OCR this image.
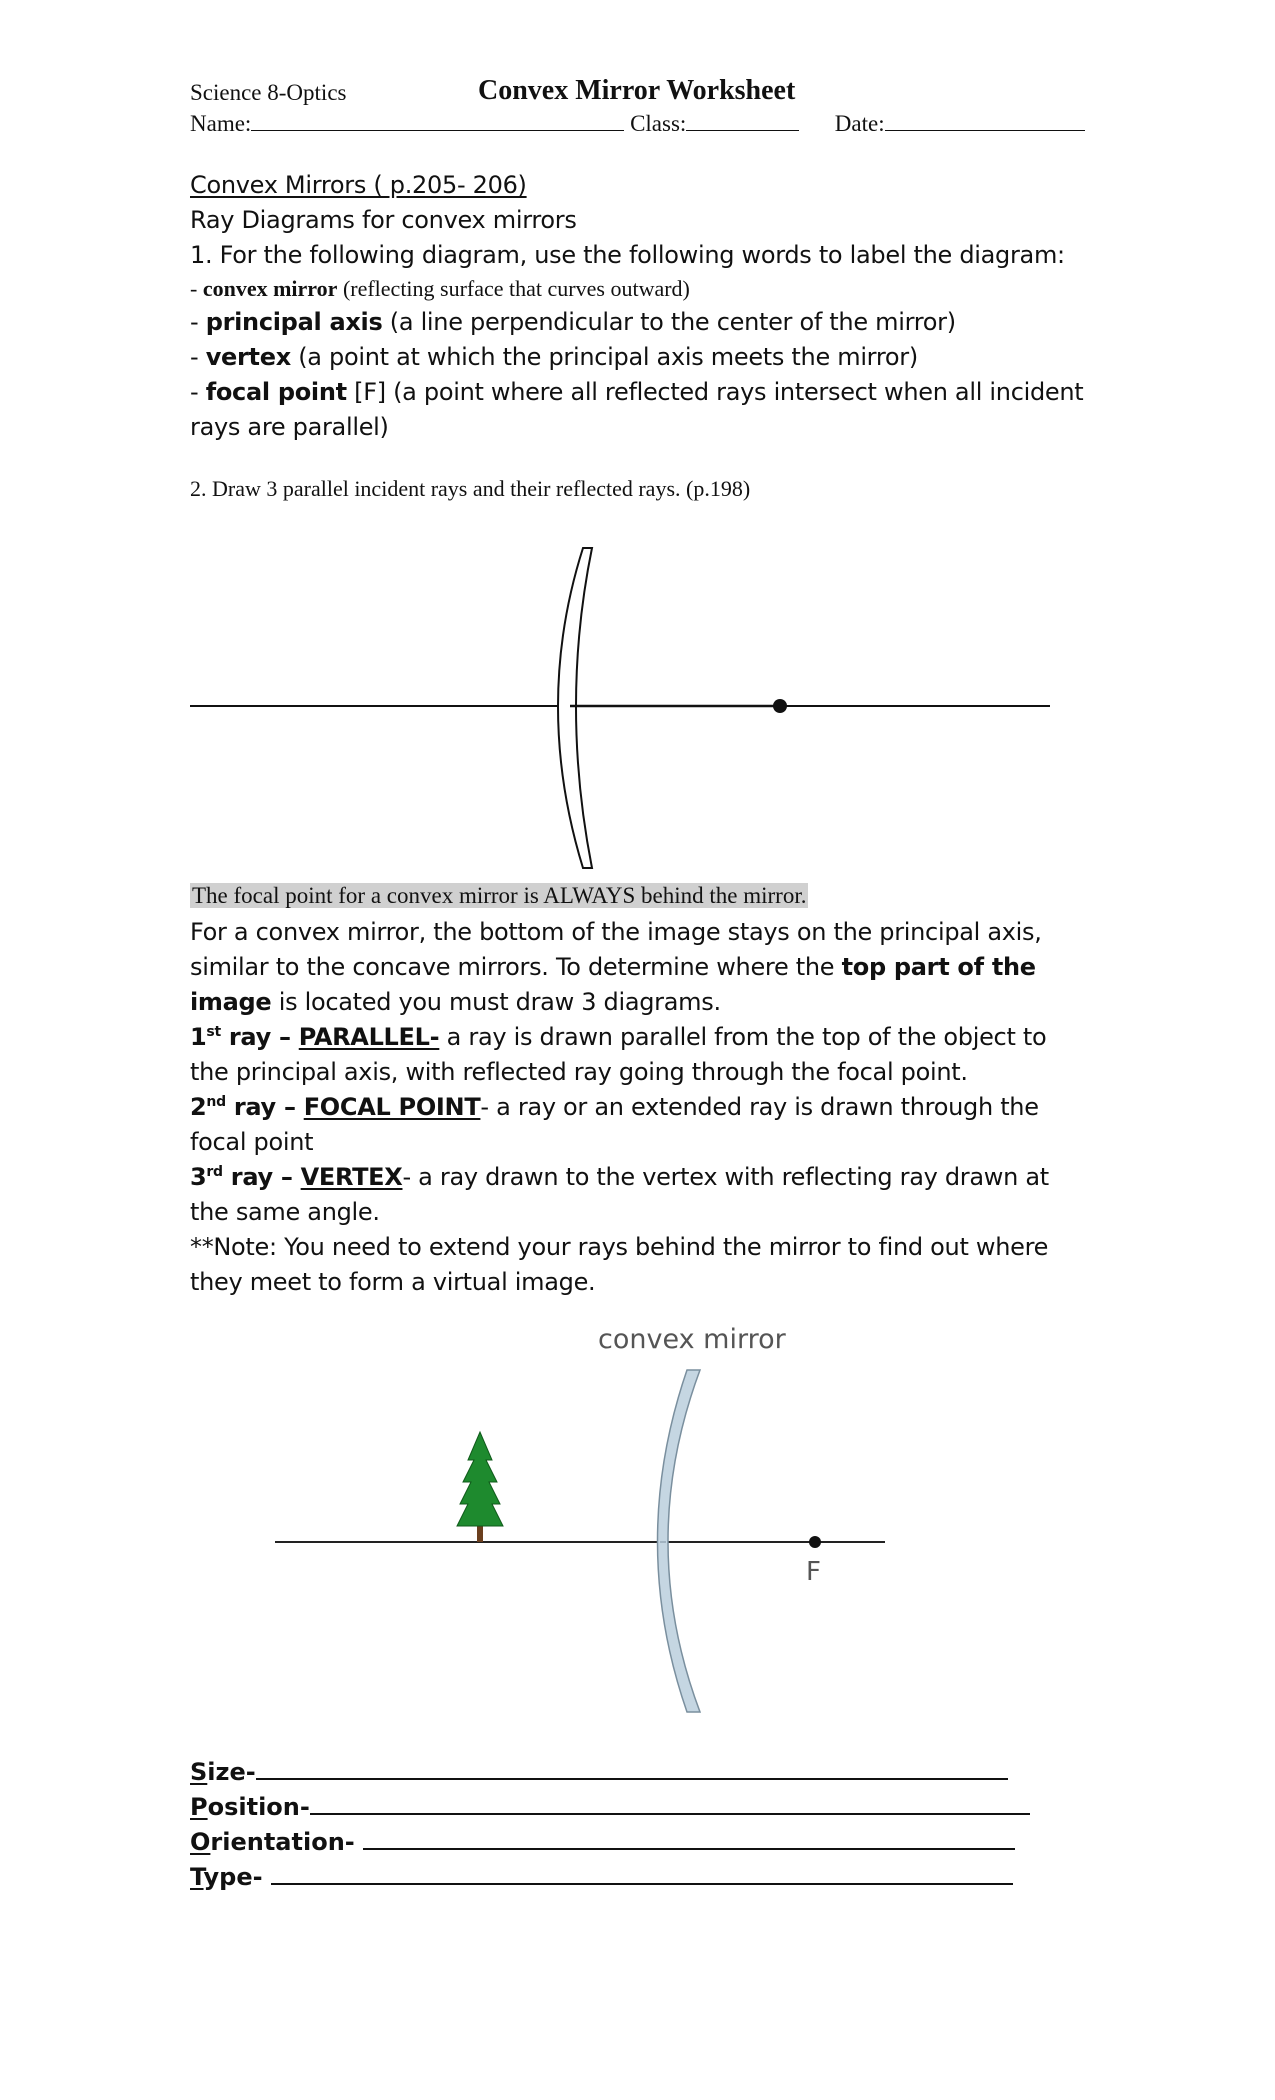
Science 8-Optics	Convex Mirror Worksheet
Name:	Class:	Date:
Convex Mirrors ( p.205- 206)
Ray Diagrams for convex mirrors
1. For the following diagram, use the following words to label the diagram:
- convex mirror (reflecting surface that curves outward)
- principal axis (a line perpendicular to the center of the mirror)
- vertex (a point at which the principal axis meets the mirror)
- focal point [F] (a point where all reflected rays intersect when all incident
rays are parallel)
2. Draw 3 parallel incident rays and their reflected rays. (p.198)
The focal point for a convex mirror is ALWAYS behind the mirror.
For a convex mirror, the bottom of the image stays on the principal axis,
similar to the concave mirrors. To determine where the top part of the
image is located you must draw 3 diagrams.
1st ray – PARALLEL- a ray is drawn parallel from the top of the object to
the principal axis, with reflected ray going through the focal point.
2nd ray – FOCAL POINT- a ray or an extended ray is drawn through the
focal point
3rd ray – VERTEX- a ray drawn to the vertex with reflecting ray drawn at
the same angle.
**Note: You need to extend your rays behind the mirror to find out where
they meet to form a virtual image.
convex mirror
F
Size-
Position-
Orientation-
Type-
